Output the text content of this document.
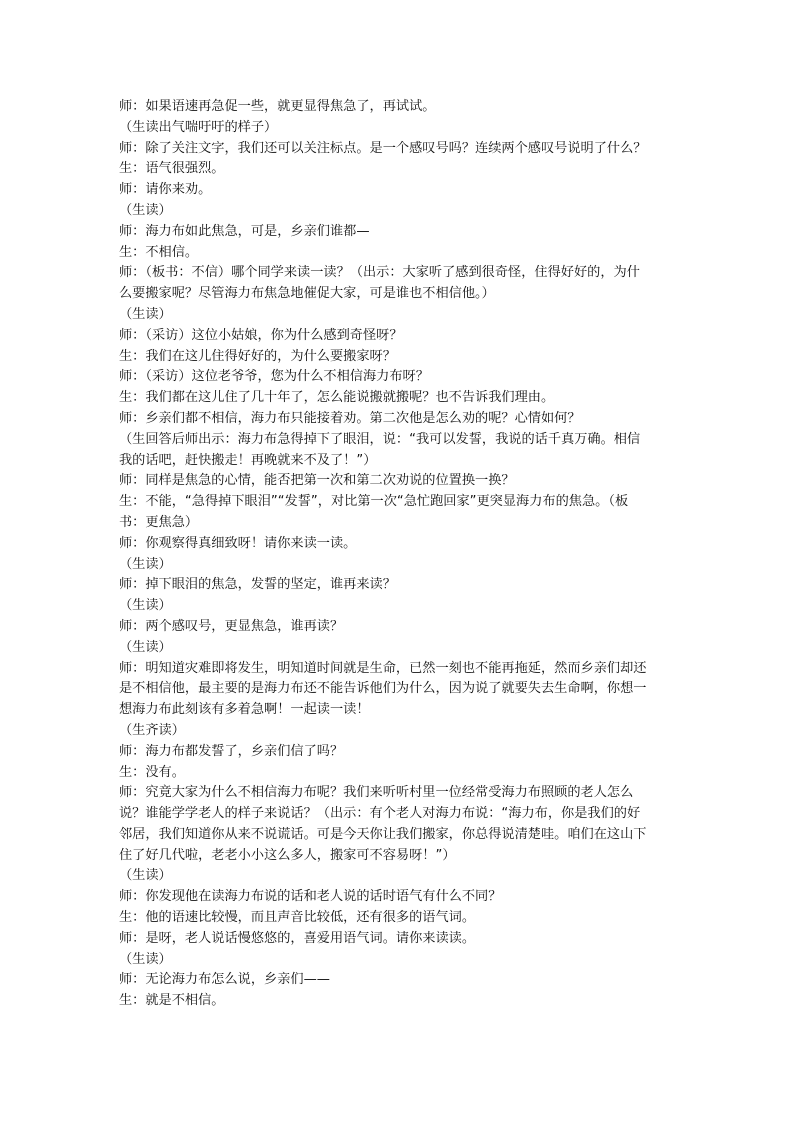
师：如果语速再急促一些，就更显得焦急了，再试试。
（生读出气喘吁吁的样子）
师：除了关注文字，我们还可以关注标点。是一个感叹号吗？连续两个感叹号说明了什么？
生：语气很强烈。
师：请你来劝。
（生读）
师：海力布如此焦急，可是，乡亲们谁都—
生：不相信。
师：（板书：不信）哪个同学来读一读？（出示：大家听了感到很奇怪，住得好好的，为什
么要搬家呢？尽管海力布焦急地催促大家，可是谁也不相信他。）
（生读）
师：（采访）这位小姑娘，你为什么感到奇怪呀？
生：我们在这儿住得好好的，为什么要搬家呀？
师：（采访）这位老爷爷，您为什么不相信海力布呀？
生：我们都在这儿住了几十年了，怎么能说搬就搬呢？也不告诉我们理由。
师：乡亲们都不相信，海力布只能接着劝。第二次他是怎么劝的呢？心情如何？
（生回答后师出示：海力布急得掉下了眼泪，说：“我可以发誓，我说的话千真万确。相信
我的话吧，赶快搬走！再晚就来不及了！”）
师：同样是焦急的心情，能否把第一次和第二次劝说的位置换一换？
生：不能，“急得掉下眼泪”“发誓”，对比第一次“急忙跑回家”更突显海力布的焦急。（板
书：更焦急）
师：你观察得真细致呀！请你来读一读。
（生读）
师：掉下眼泪的焦急，发誓的坚定，谁再来读？
（生读）
师：两个感叹号，更显焦急，谁再读？
（生读）
师：明知道灾难即将发生，明知道时间就是生命，已然一刻也不能再拖延，然而乡亲们却还
是不相信他，最主要的是海力布还不能告诉他们为什么，因为说了就要失去生命啊，你想一
想海力布此刻该有多着急啊！一起读一读！
（生齐读）
师：海力布都发誓了，乡亲们信了吗？
生：没有。
师：究竟大家为什么不相信海力布呢？我们来听听村里一位经常受海力布照顾的老人怎么
说？谁能学学老人的样子来说话？（出示：有个老人对海力布说：“海力布，你是我们的好
邻居，我们知道你从来不说谎话。可是今天你让我们搬家，你总得说清楚哇。咱们在这山下
住了好几代啦，老老小小这么多人，搬家可不容易呀！”）
（生读）
师：你发现他在读海力布说的话和老人说的话时语气有什么不同？
生：他的语速比较慢，而且声音比较低，还有很多的语气词。
师：是呀，老人说话慢悠悠的，喜爱用语气词。请你来读读。
（生读）
师：无论海力布怎么说，乡亲们——
生：就是不相信。
